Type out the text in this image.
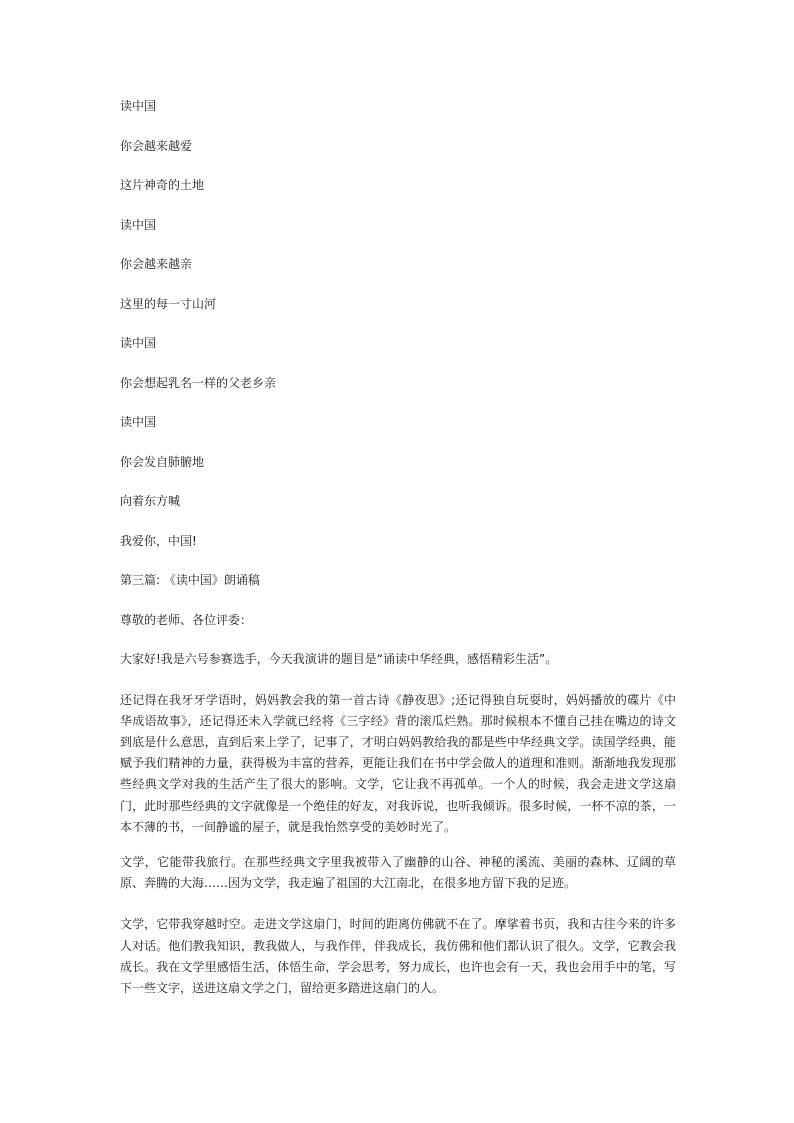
读中国

你会越来越爱

这片神奇的土地

读中国

你会越来越亲

这里的每一寸山河

读中国

你会想起乳名一样的父老乡亲

读中国

你会发自肺腑地

向着东方喊

我爱你，中国!

第三篇: 《读中国》朗诵稿

尊敬的老师、各位评委：

大家好!我是六号参赛选手，今天我演讲的题目是“诵读中华经典，感悟精彩生活”。

还记得在我牙牙学语时，妈妈教会我的第一首古诗《静夜思》;还记得独自玩耍时，妈妈播放的碟片《中华成语故事》，还记得还未入学就已经将《三字经》背的滚瓜烂熟。那时候根本不懂自己挂在嘴边的诗文到底是什么意思，直到后来上学了，记事了，才明白妈妈教给我的都是些中华经典文学。读国学经典，能赋予我们精神的力量，获得极为丰富的营养，更能让我们在书中学会做人的道理和准则。渐渐地我发现那些经典文学对我的生活产生了很大的影响。文学，它让我不再孤单。一个人的时候，我会走进文学这扇门，此时那些经典的文字就像是一个绝佳的好友，对我诉说，也听我倾诉。很多时候，一杯不凉的茶，一本不薄的书，一间静谧的屋子，就是我怡然享受的美妙时光了。

文学，它能带我旅行。在那些经典文字里我被带入了幽静的山谷、神秘的溪流、美丽的森林、辽阔的草原、奔腾的大海……因为文学，我走遍了祖国的大江南北，在很多地方留下我的足迹。

文学，它带我穿越时空。走进文学这扇门，时间的距离仿佛就不在了。摩挲着书页，我和古往今来的许多人对话。他们教我知识，教我做人，与我作伴，伴我成长，我仿佛和他们都认识了很久。文学，它教会我成长。我在文学里感悟生活，体悟生命，学会思考，努力成长，也许也会有一天，我也会用手中的笔，写下一些文字，送进这扇文学之门，留给更多踏进这扇门的人。
